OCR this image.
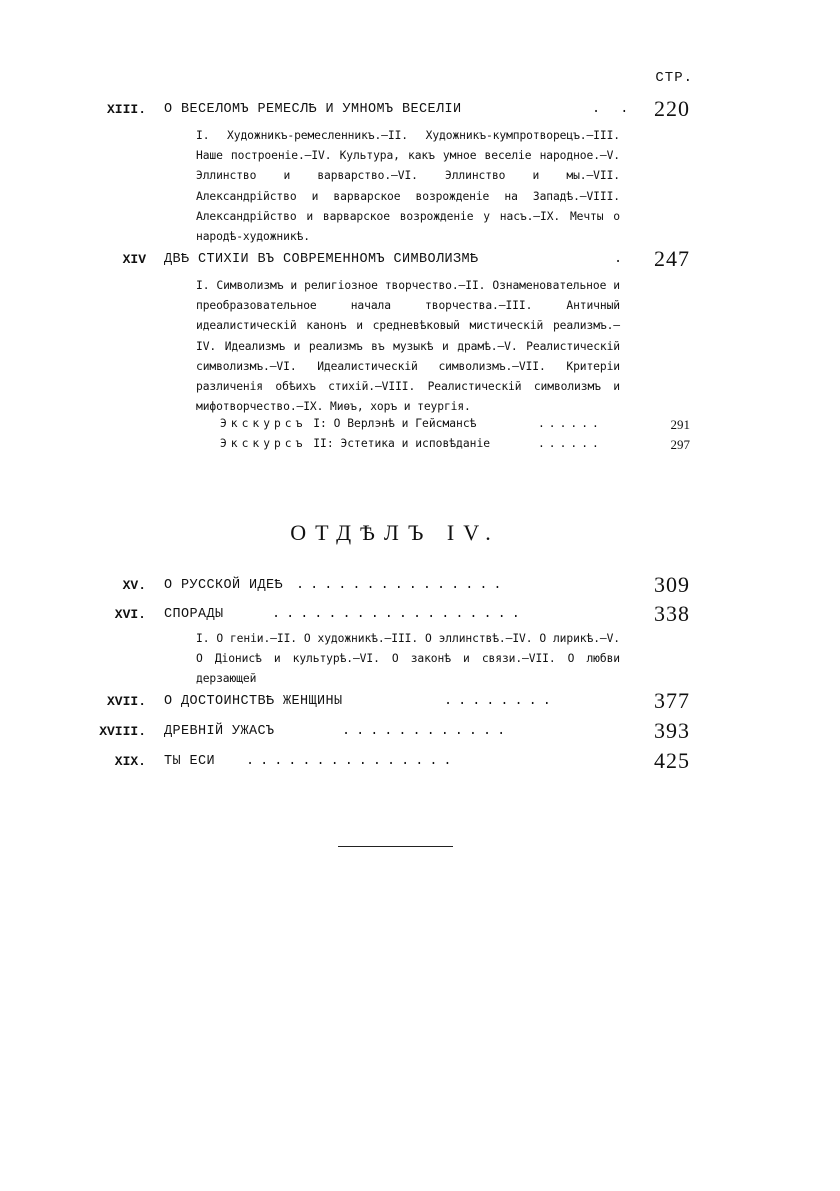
СТР.
XIII. О ВЕСЕЛОМЪ РЕМЕСЛѢ И УМНОМЪ ВЕСЕЛІИ	. . 220
I. Художникъ-ремесленникъ.—II. Художникъ-кумпротворецъ.—III. Наше построеніе.—IV. Культура, какъ умное веселіе народное.—V. Эллинство и варварство.—VI. Эллинство и мы.—VII. Александрійство и варварское возрожденіе на Западѣ.—VIII. Александрійство и варварское возрожденіе у насъ.—IX. Мечты о народѣ-художникѣ.
XIV ДВѢ СТИХІИ ВЪ СОВРЕМЕННОМЪ СИМВОЛИЗМѢ	. 247
I. Символизмъ и религіозное творчество.—II. Ознаменовательное и преобразовательное начала творчества.—III. Античный идеалистическій канонъ и средневѣковый мистическій реализмъ.—IV. Идеализмъ и реализмъ въ музыкѣ и драмѣ.—V. Реалистическій символизмъ.—VI. Идеалистическій символизмъ.—VII. Критеріи различенія обѣихъ стихій.—VIII. Реалистическій символизмъ и мифотворчество.—IX. Миѳъ, хоръ и теургія.
Экскурсъ I: О Верлэнѣ и Гейсмансѣ	......	291
Экскурсъ II: Эстетика и исповѣданіе	......	297
ОТДѢЛЪ IV.
XV. О РУССКОЙ ИДЕѢ ...............	309
XVI. СПОРАДЫ	..................	338
I. О геніи.—II. О художникѣ.—III. О эллинствѣ.—IV. О лирикѣ.—V. О Діонисѣ и культурѣ.—VI. О законѣ и связи.—VII. О любви дерзающей
XVII. О ДОСТОИНСТВѢ ЖЕНЩИНЫ	........	377
XVIII. ДРЕВНІЙ УЖАСЪ	............	393
XIX. ТЫ ЕСИ ...............	425
